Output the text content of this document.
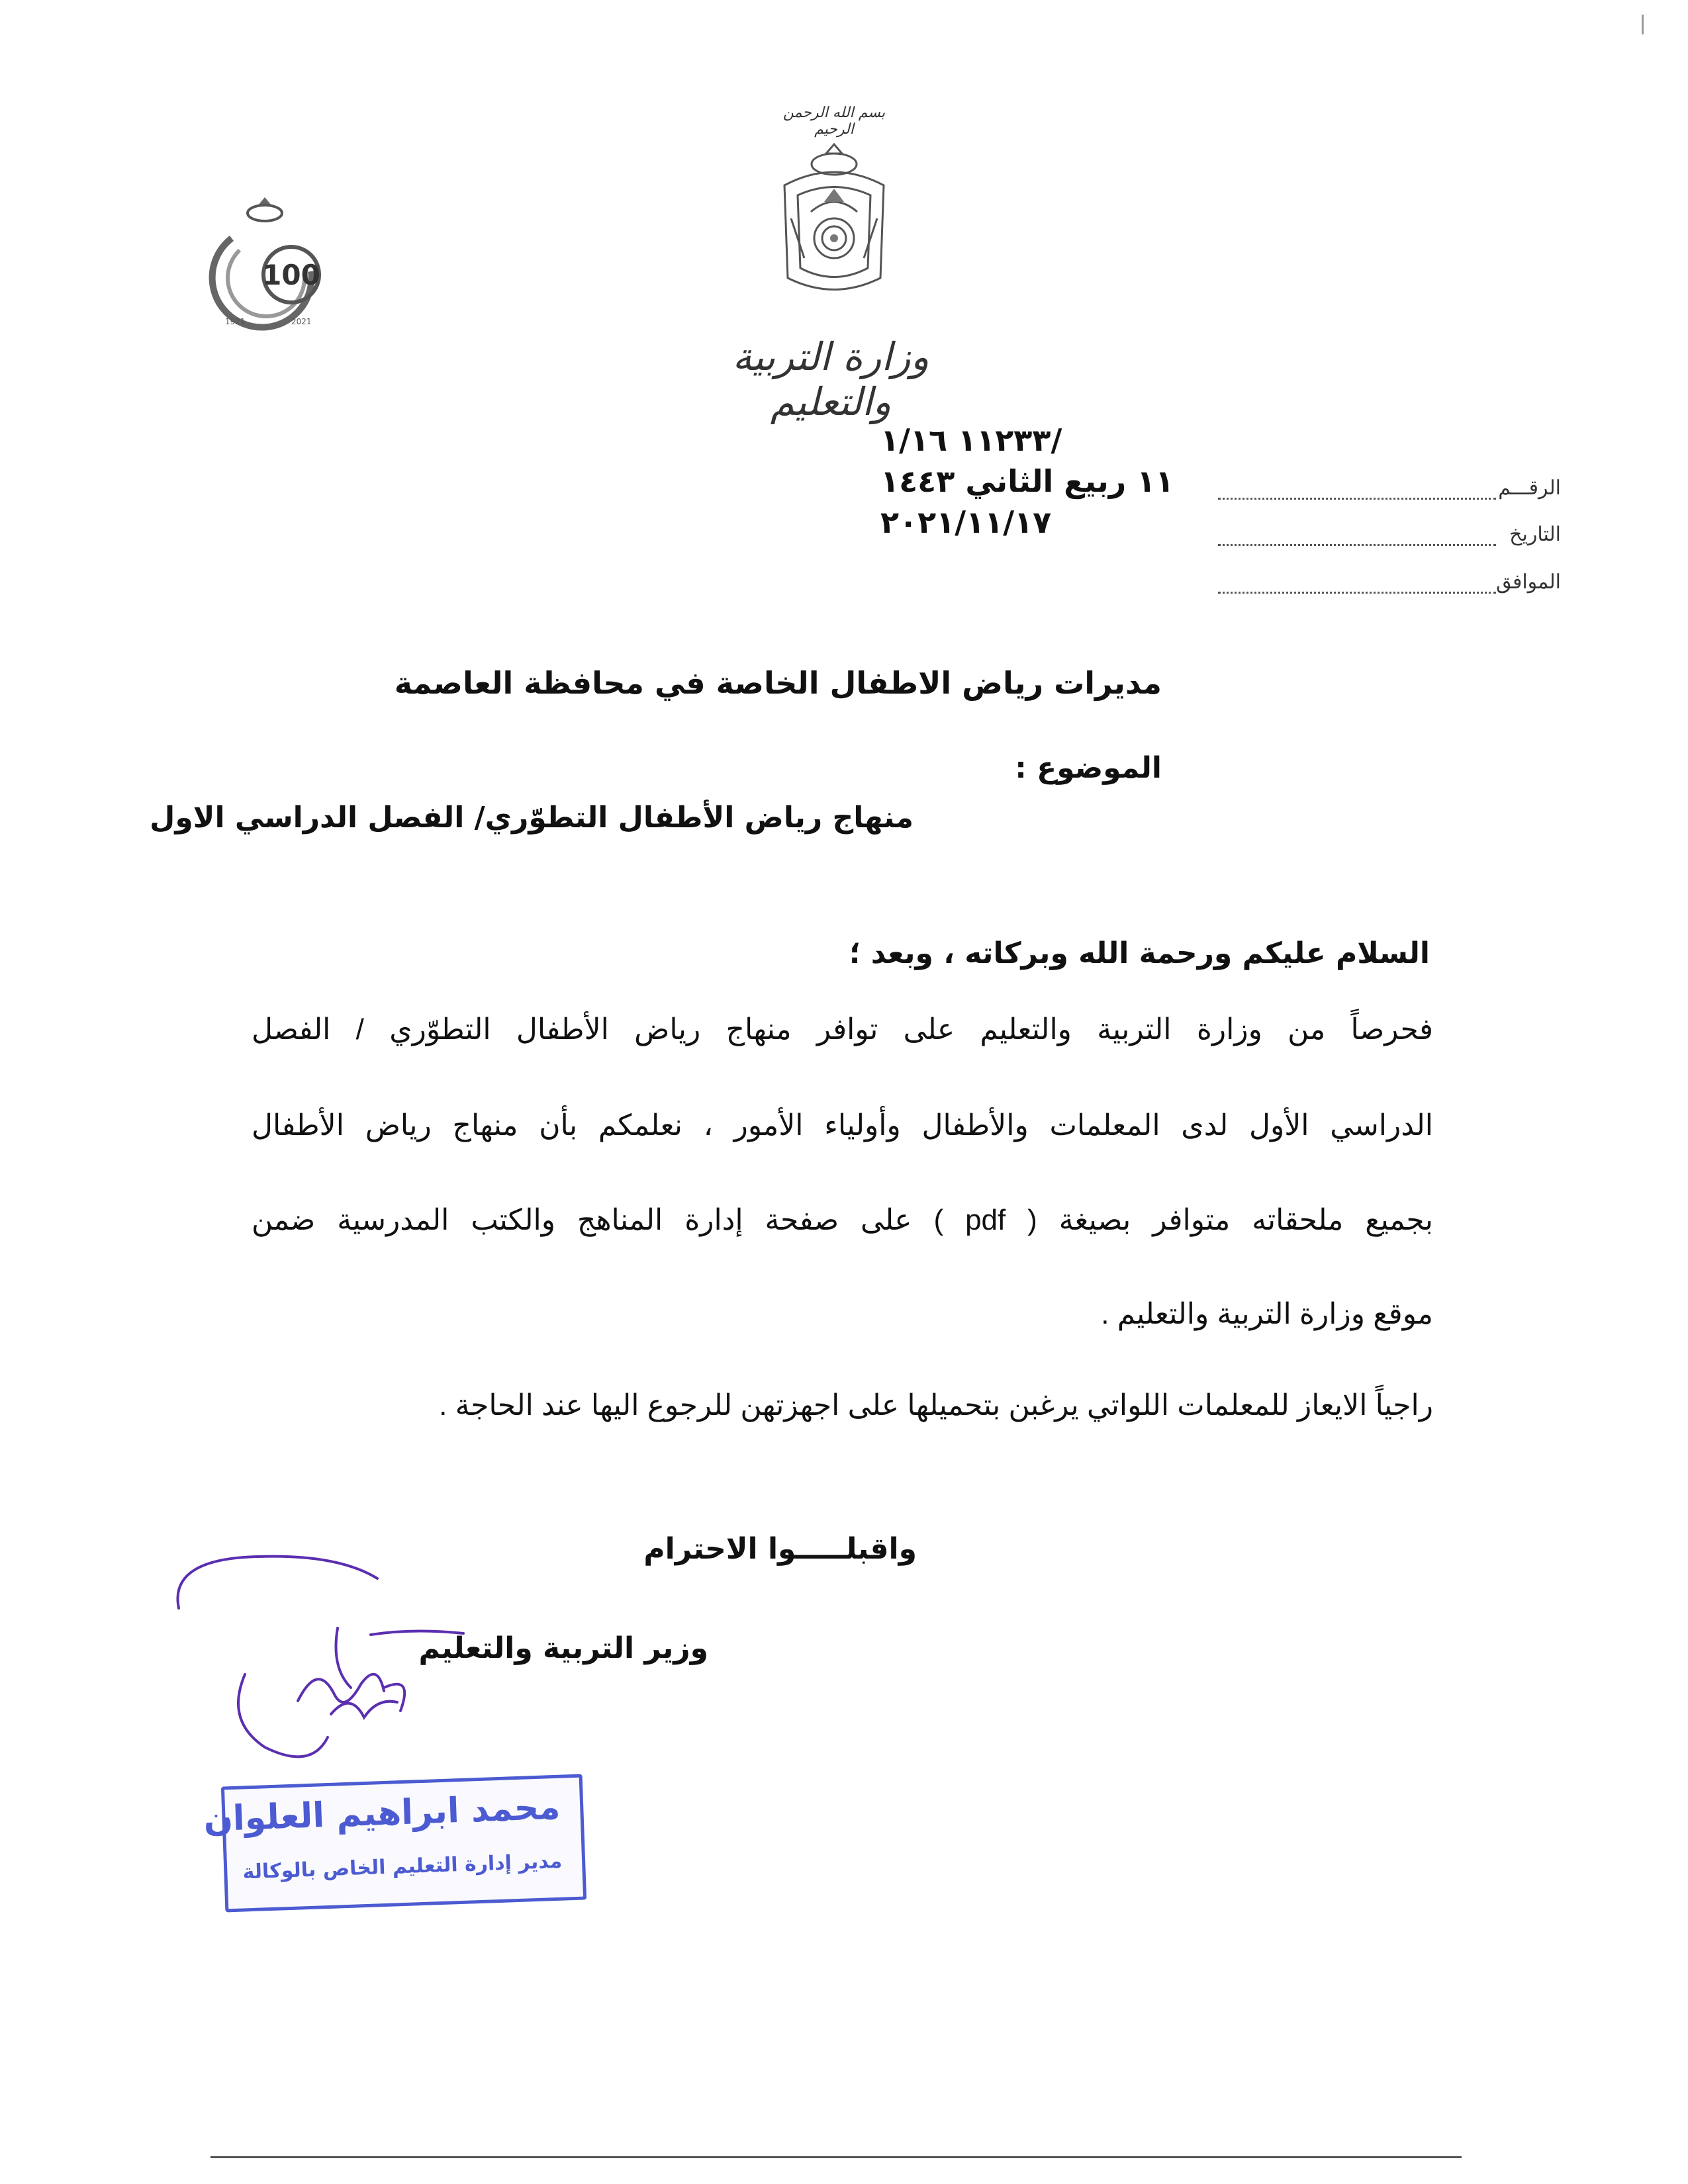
بسم الله الرحمن الرحيم
وزارة التربية والتعليم
100
1921	2021
١١٢٣٣ ١/١٦/
١١ ربيع الثاني ١٤٤٣
٢٠٢١/١١/١٧
الرقـــم
التاريخ
الموافق
مديرات رياض الاطفال الخاصة في محافظة العاصمة
الموضوع :
منهاج رياض الأطفال التطوّري/ الفصل الدراسي الاول
السلام عليكم ورحمة الله وبركاته ، وبعد ؛
فحرصاً من وزارة التربية والتعليم على توافر منهاج رياض الأطفال التطوّري / الفصل
الدراسي الأول لدى المعلمات والأطفال وأولياء الأمور ، نعلمكم بأن منهاج رياض الأطفال
بجميع ملحقاته متوافر بصيغة ( pdf ) على صفحة إدارة المناهج والكتب المدرسية ضمن
موقع وزارة التربية والتعليم .
راجياً الايعاز للمعلمات اللواتي يرغبن بتحميلها على اجهزتهن للرجوع اليها عند الحاجة .
واقبلـــــوا الاحترام
وزير التربية والتعليم
محمد ابراهيم العلوان
مدير إدارة التعليم الخاص بالوكالة
